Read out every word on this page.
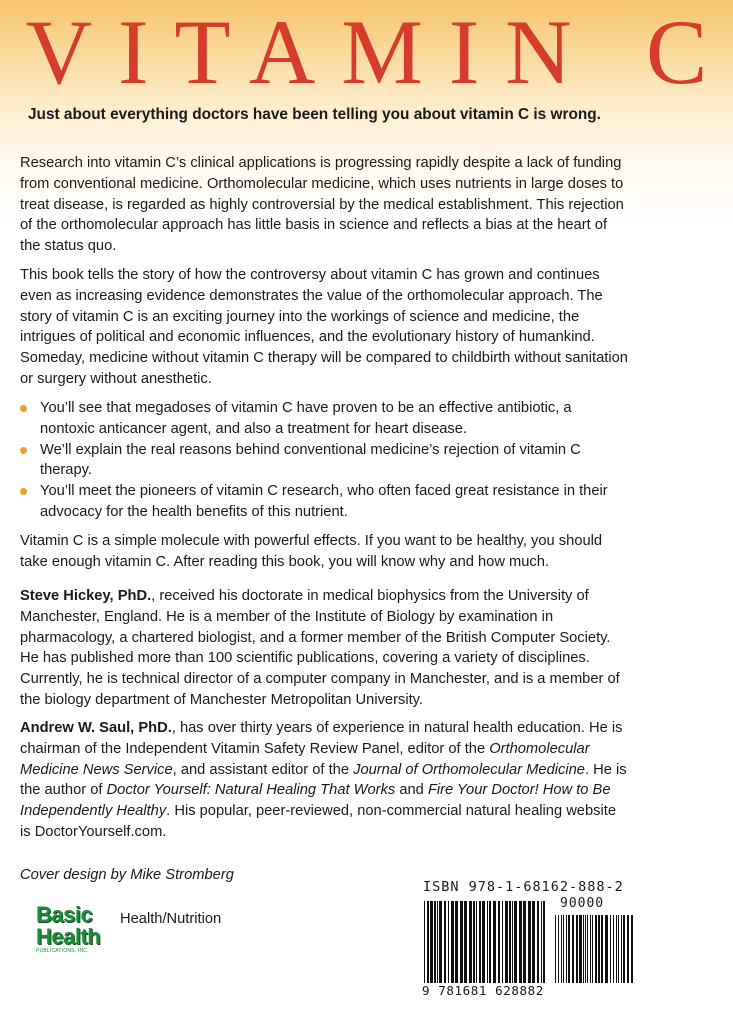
VITAMIN C

Just about everything doctors have been telling you about vitamin C is wrong.

Research into vitamin C’s clinical applications is progressing rapidly despite a lack of funding from conventional medicine. Orthomolecular medicine, which uses nutrients in large doses to treat disease, is regarded as highly controversial by the medical establishment. This rejection of the orthomolecular approach has little basis in science and reflects a bias at the heart of the status quo.

This book tells the story of how the controversy about vitamin C has grown and continues even as increasing evidence demonstrates the value of the orthomolecular approach. The story of vitamin C is an exciting journey into the workings of science and medicine, the intrigues of political and economic influences, and the evolutionary history of humankind. Someday, medicine without vitamin C therapy will be compared to childbirth without sanitation or surgery without anesthetic.

You’ll see that megadoses of vitamin C have proven to be an effective antibiotic, a nontoxic anticancer agent, and also a treatment for heart disease.
We’ll explain the real reasons behind conventional medicine’s rejection of vitamin C therapy.
You’ll meet the pioneers of vitamin C research, who often faced great resistance in their advocacy for the health benefits of this nutrient.

Vitamin C is a simple molecule with powerful effects. If you want to be healthy, you should take enough vitamin C. After reading this book, you will know why and how much.

Steve Hickey, PhD., received his doctorate in medical biophysics from the University of Manchester, England. He is a member of the Institute of Biology by examination in pharmacology, a chartered biologist, and a former member of the British Computer Society. He has published more than 100 scientific publications, covering a variety of disciplines. Currently, he is technical director of a computer company in Manchester, and is a member of the biology department of Manchester Metropolitan University.

Andrew W. Saul, PhD., has over thirty years of experience in natural health education. He is chairman of the Independent Vitamin Safety Review Panel, editor of the Orthomolecular Medicine News Service, and assistant editor of the Journal of Orthomolecular Medicine. He is the author of Doctor Yourself: Natural Healing That Works and Fire Your Doctor! How to Be Independently Healthy. His popular, peer-reviewed, non-commercial natural healing website is DoctorYourself.com.

Cover design by Mike Stromberg

Basic
Health
PUBLICATIONS, INC.

Health/Nutrition

ISBN 978-1-68162-888-2
90000
9 781681 628882
